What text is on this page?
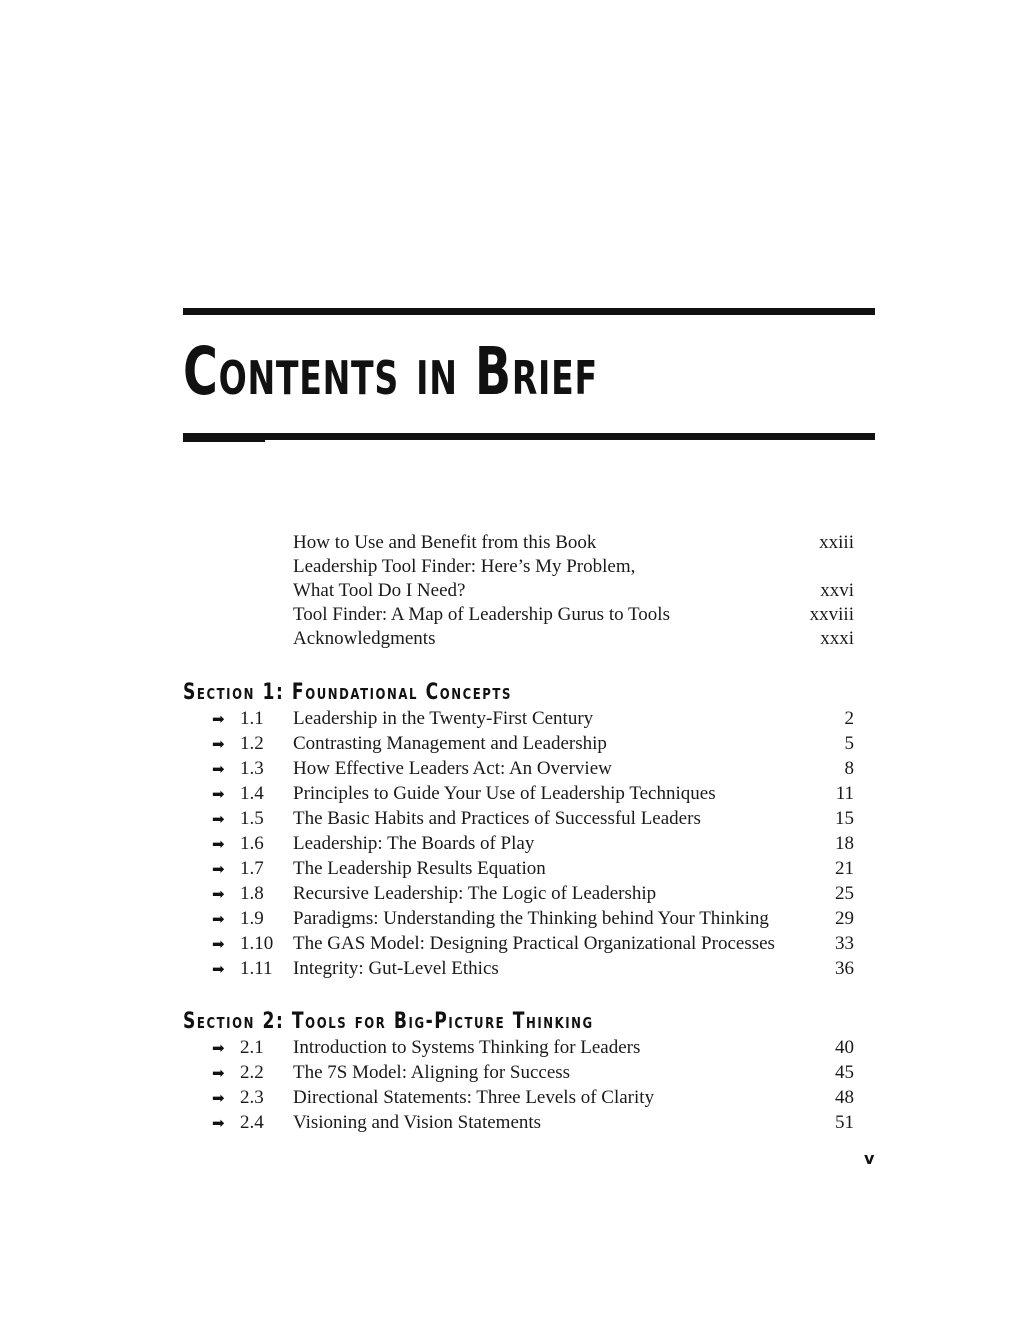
Contents in Brief
How to Use and Benefit from this Book	xxiii
Leadership Tool Finder: Here’s My Problem,
What Tool Do I Need?	xxvi
Tool Finder: A Map of Leadership Gurus to Tools	xxviii
Acknowledgments	xxxi
Section 1: Foundational Concepts
➡ 1.1	Leadership in the Twenty-First Century	2
➡ 1.2	Contrasting Management and Leadership	5
➡ 1.3	How Effective Leaders Act: An Overview	8
➡ 1.4	Principles to Guide Your Use of Leadership Techniques	11
➡ 1.5	The Basic Habits and Practices of Successful Leaders	15
➡ 1.6	Leadership: The Boards of Play	18
➡ 1.7	The Leadership Results Equation	21
➡ 1.8	Recursive Leadership: The Logic of Leadership	25
➡ 1.9	Paradigms: Understanding the Thinking behind Your Thinking	29
➡ 1.10	The GAS Model: Designing Practical Organizational Processes	33
➡ 1.11	Integrity: Gut-Level Ethics	36
Section 2: Tools for Big-Picture Thinking
➡ 2.1	Introduction to Systems Thinking for Leaders	40
➡ 2.2	The 7S Model: Aligning for Success	45
➡ 2.3	Directional Statements: Three Levels of Clarity	48
➡ 2.4	Visioning and Vision Statements	51
v
